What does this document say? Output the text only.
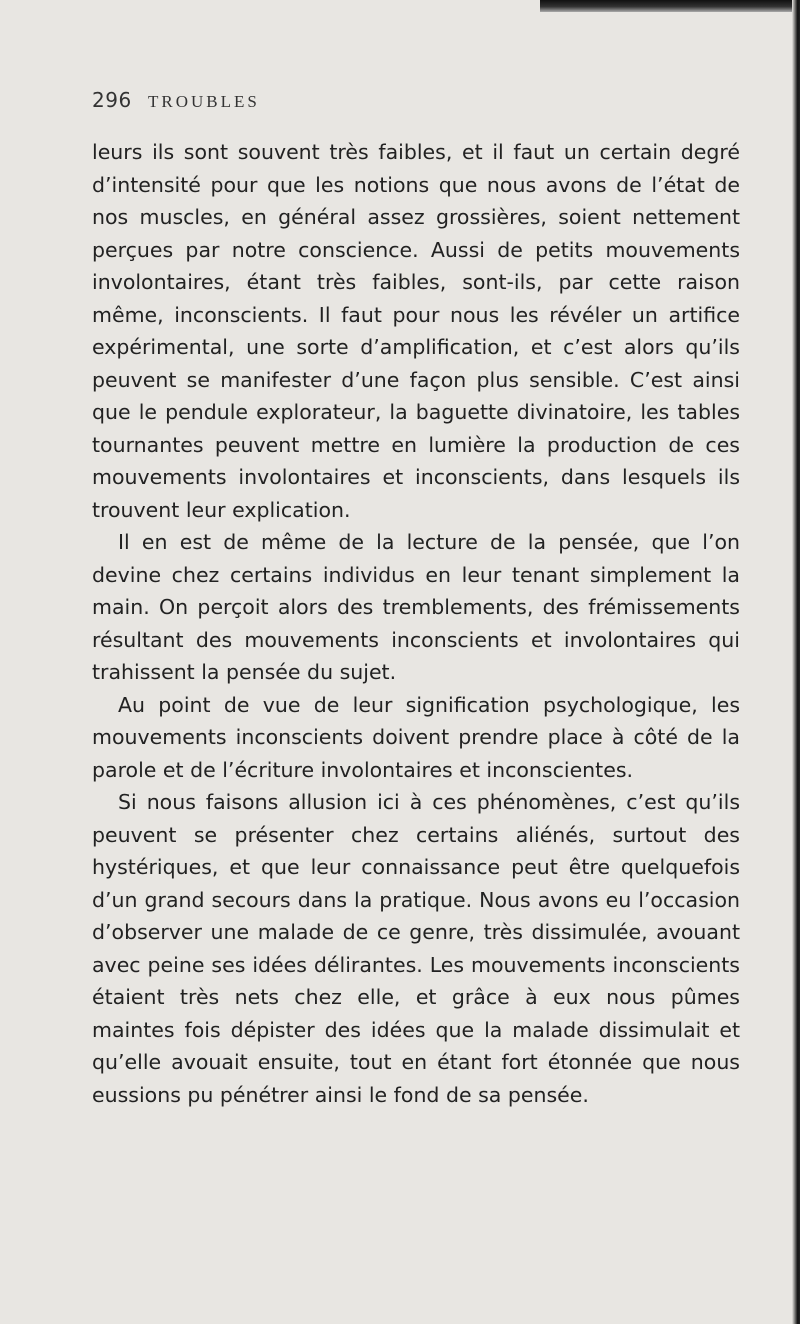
296 TROUBLES

leurs ils sont souvent très faibles, et il faut un certain degré d’intensité pour que les notions que nous avons de l’état de nos muscles, en général assez grossières, soient nettement perçues par notre conscience. Aussi de petits mouvements involontaires, étant très faibles, sont-ils, par cette raison même, inconscients. Il faut pour nous les révéler un artifice expérimental, une sorte d’amplification, et c’est alors qu’ils peuvent se manifester d’une façon plus sensible. C’est ainsi que le pendule explorateur, la baguette divinatoire, les tables tournantes peuvent mettre en lumière la production de ces mouvements involontaires et inconscients, dans lesquels ils trouvent leur explication.

Il en est de même de la lecture de la pensée, que l’on devine chez certains individus en leur tenant simplement la main. On perçoit alors des tremblements, des frémissements résultant des mouvements inconscients et involontaires qui trahissent la pensée du sujet.

Au point de vue de leur signification psychologique, les mouvements inconscients doivent prendre place à côté de la parole et de l’écriture involontaires et inconscientes.

Si nous faisons allusion ici à ces phénomènes, c’est qu’ils peuvent se présenter chez certains aliénés, surtout des hystériques, et que leur connaissance peut être quelquefois d’un grand secours dans la pratique. Nous avons eu l’occasion d’observer une malade de ce genre, très dissimulée, avouant avec peine ses idées délirantes. Les mouvements inconscients étaient très nets chez elle, et grâce à eux nous pûmes maintes fois dépister des idées que la malade dissimulait et qu’elle avouait ensuite, tout en étant fort étonnée que nous eussions pu pénétrer ainsi le fond de sa pensée.
